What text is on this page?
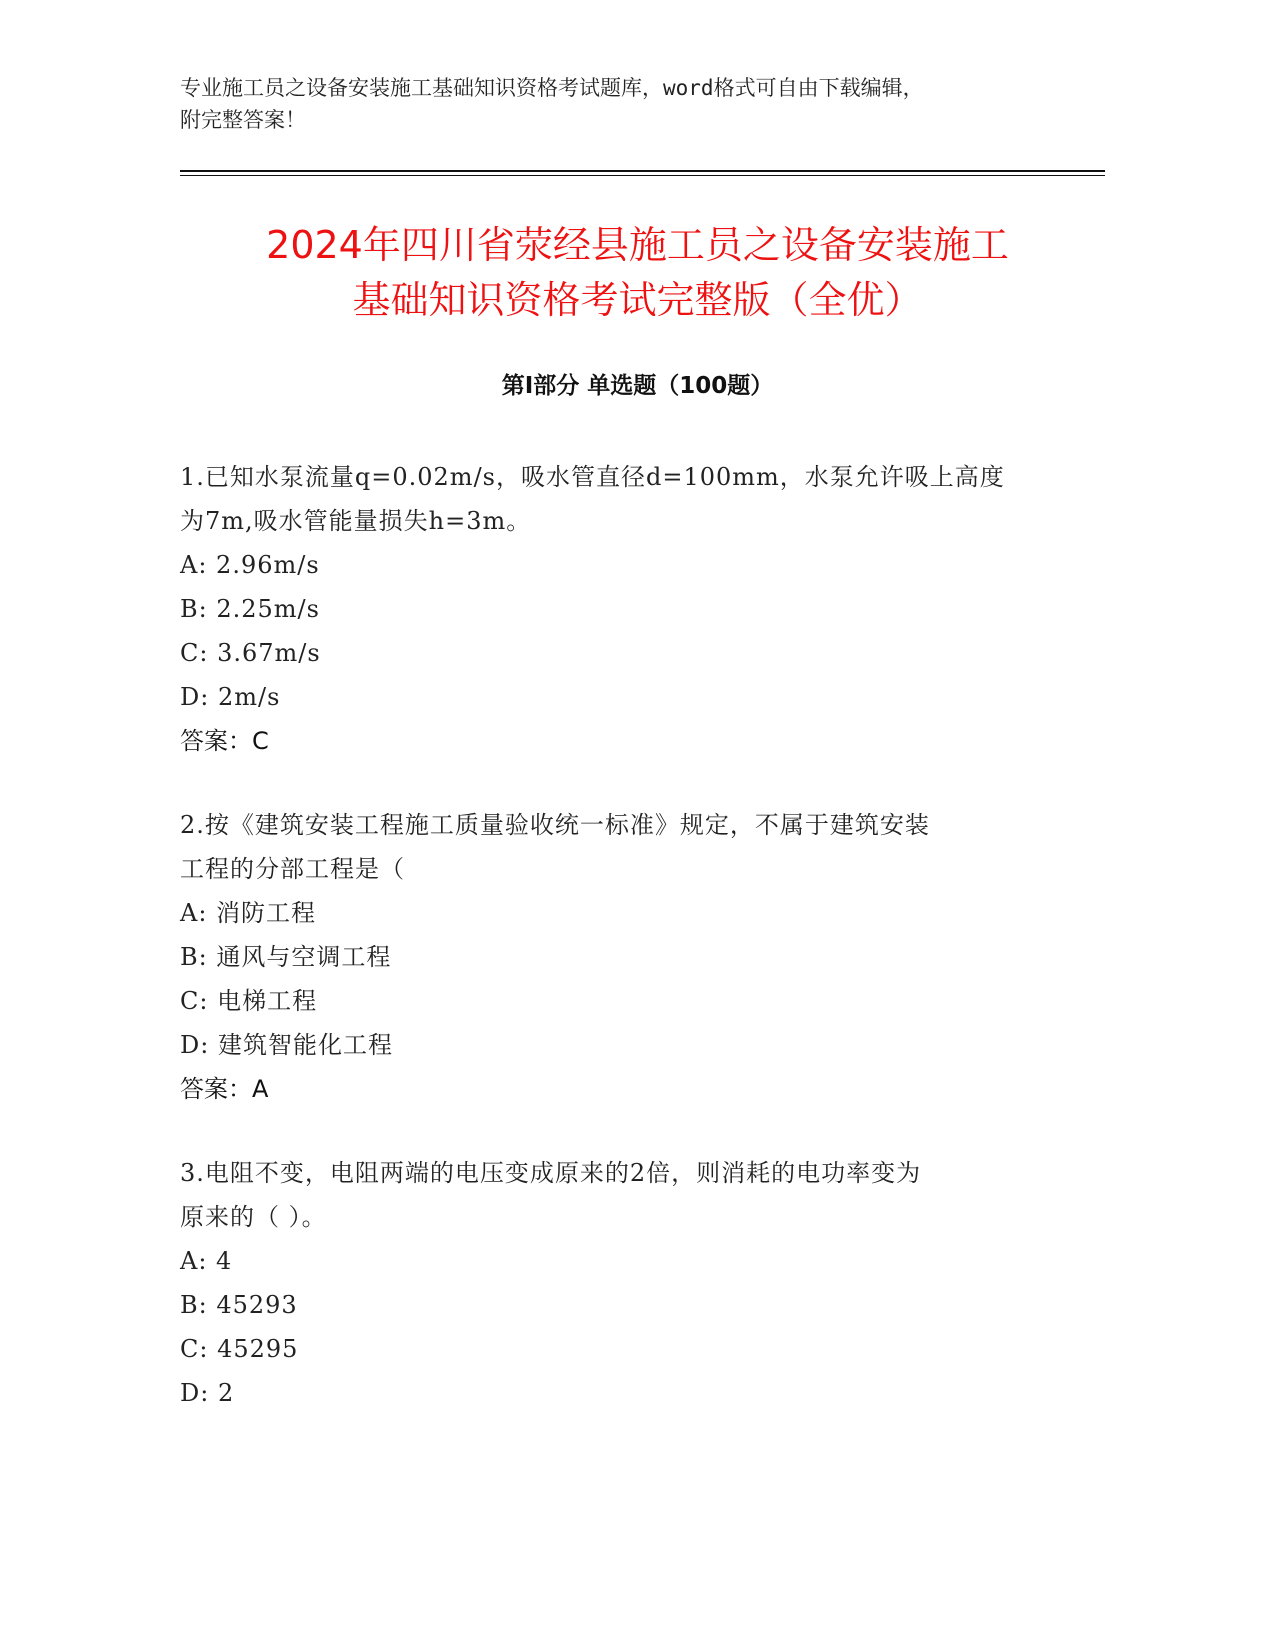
专业施工员之设备安装施工基础知识资格考试题库，word格式可自由下载编辑，
附完整答案！
2024年四川省荥经县施工员之设备安装施工
基础知识资格考试完整版（全优）
第Ⅰ部分 单选题（100题）
1.已知水泵流量q=0.02m/s，吸水管直径d=100mm，水泵允许吸上高度
为7m,吸水管能量损失h=3m。
A: 2.96m/s
B: 2.25m/s
C: 3.67m/s
D: 2m/s
答案：C
2.按《建筑安装工程施工质量验收统一标准》规定，不属于建筑安装
工程的分部工程是（
A: 消防工程
B: 通风与空调工程
C: 电梯工程
D: 建筑智能化工程
答案：A
3.电阻不变，电阻两端的电压变成原来的2倍，则消耗的电功率变为
原来的（ ）。
A: 4
B: 45293
C: 45295
D: 2
